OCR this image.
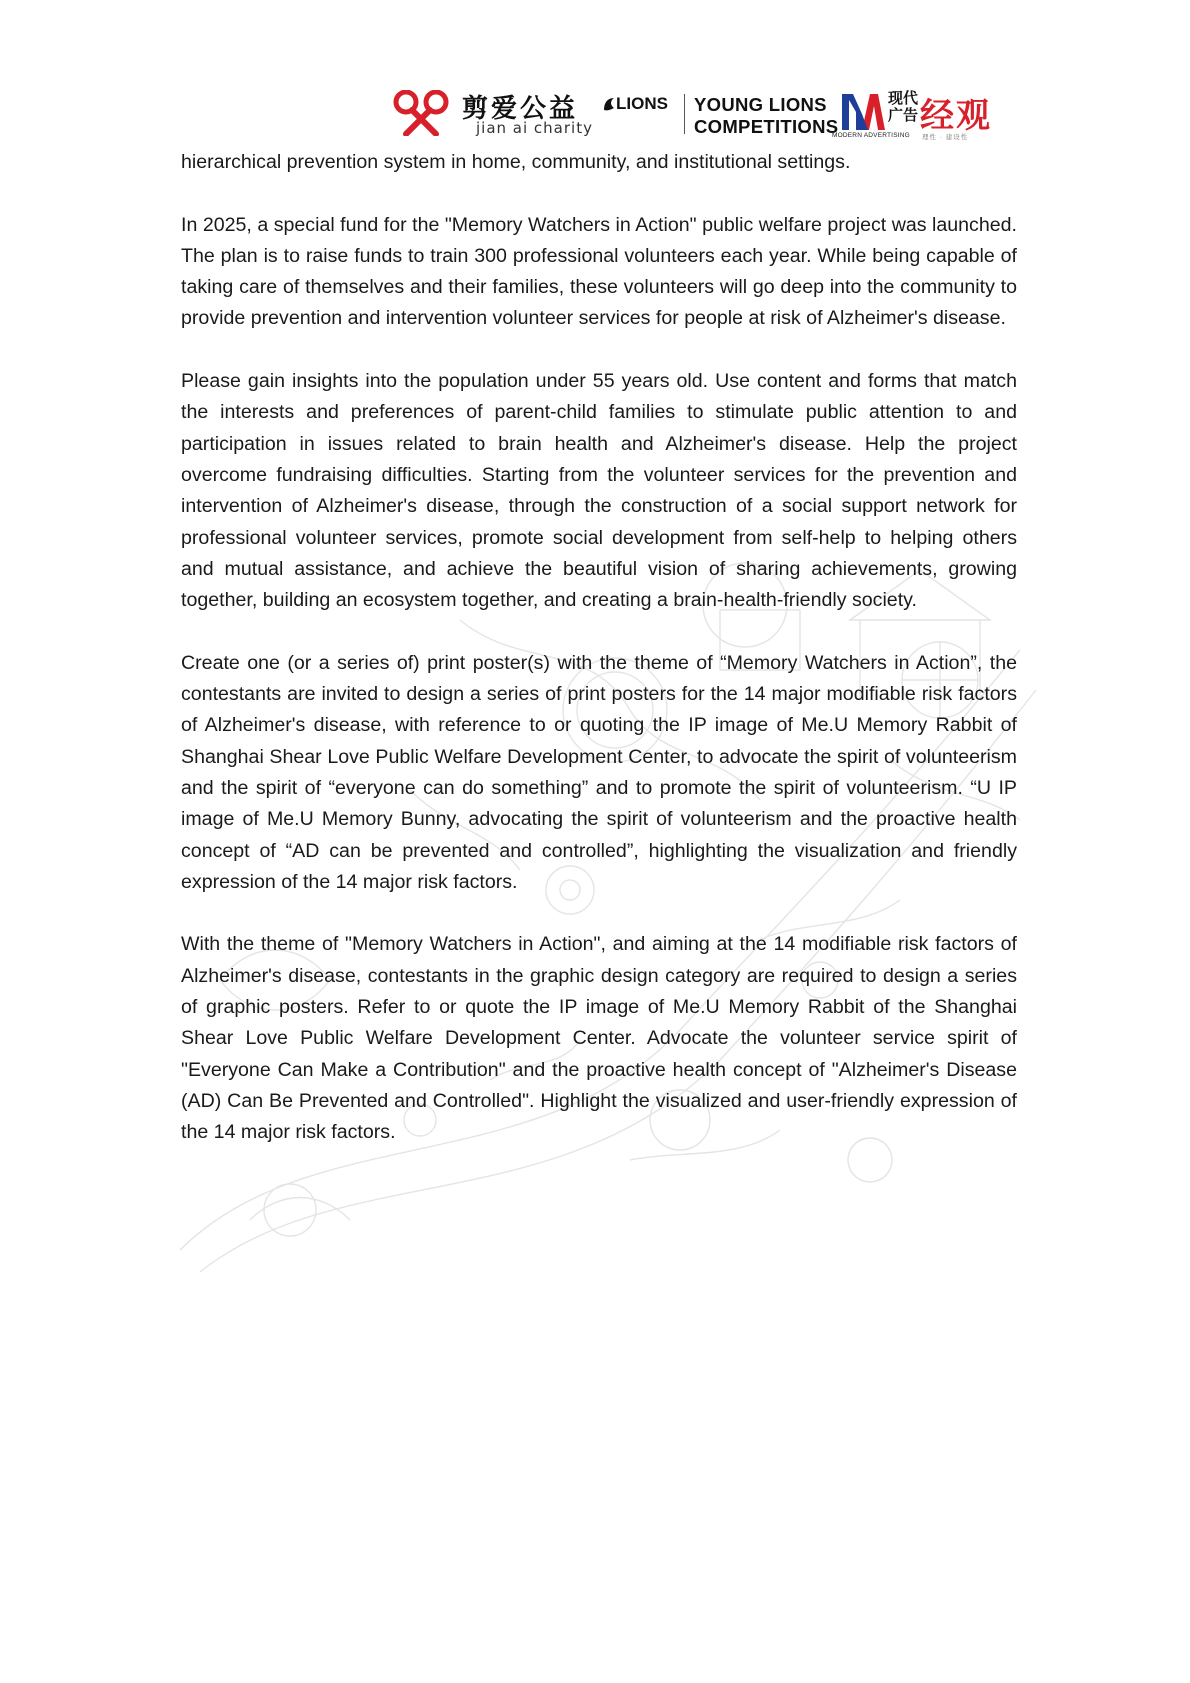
剪爱公益
jian ai charity
LIONS YOUNG LIONS
COMPETITIONS
现代
广告
MODERN ADVERTISING 经观
理性 · 建设性

hierarchical prevention system in home, community, and institutional settings.

In 2025, a special fund for the "Memory Watchers in Action" public welfare project was launched. The plan is to raise funds to train 300 professional volunteers each year. While being capable of taking care of themselves and their families, these volunteers will go deep into the community to provide prevention and intervention volunteer services for people at risk of Alzheimer's disease.

Please gain insights into the population under 55 years old. Use content and forms that match the interests and preferences of parent-child families to stimulate public attention to and participation in issues related to brain health and Alzheimer's disease. Help the project overcome fundraising difficulties. Starting from the volunteer services for the prevention and intervention of Alzheimer's disease, through the construction of a social support network for professional volunteer services, promote social development from self-help to helping others and mutual assistance, and achieve the beautiful vision of sharing achievements, growing together, building an ecosystem together, and creating a brain-health-friendly society.

Create one (or a series of) print poster(s) with the theme of “Memory Watchers in Action”, the contestants are invited to design a series of print posters for the 14 major modifiable risk factors of Alzheimer's disease, with reference to or quoting the IP image of Me.U Memory Rabbit of Shanghai Shear Love Public Welfare Development Center, to advocate the spirit of volunteerism and the spirit of “everyone can do something” and to promote the spirit of volunteerism. “U IP image of Me.U Memory Bunny, advocating the spirit of volunteerism and the proactive health concept of “AD can be prevented and controlled”, highlighting the visualization and friendly expression of the 14 major risk factors.

With the theme of "Memory Watchers in Action", and aiming at the 14 modifiable risk factors of Alzheimer's disease, contestants in the graphic design category are required to design a series of graphic posters. Refer to or quote the IP image of Me.U Memory Rabbit of the Shanghai Shear Love Public Welfare Development Center. Advocate the volunteer service spirit of "Everyone Can Make a Contribution" and the proactive health concept of "Alzheimer's Disease (AD) Can Be Prevented and Controlled". Highlight the visualized and user-friendly expression of the 14 major risk factors.
